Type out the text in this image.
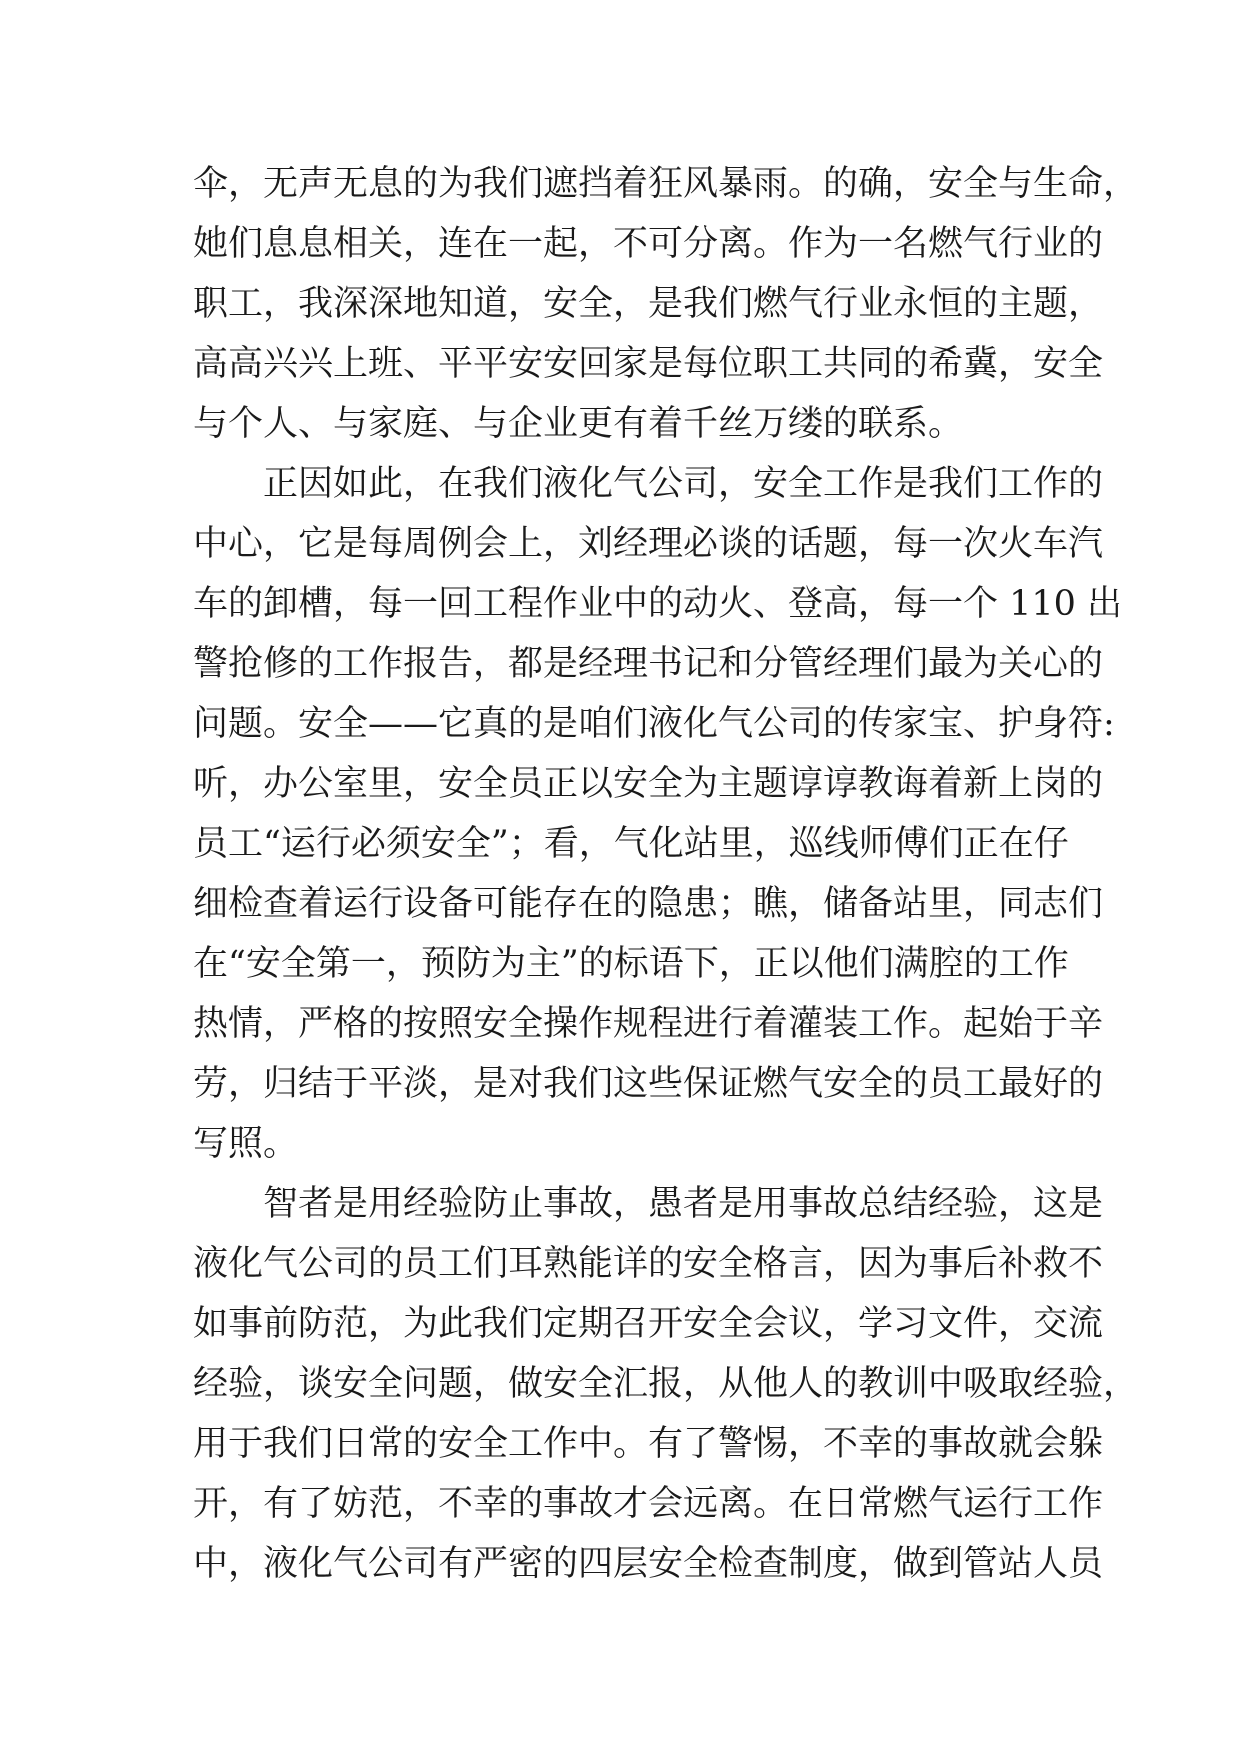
伞，无声无息的为我们遮挡着狂风暴雨。的确，安全与生命，
她们息息相关，连在一起，不可分离。作为一名燃气行业的
职工，我深深地知道，安全，是我们燃气行业永恒的主题，
高高兴兴上班、平平安安回家是每位职工共同的希冀，安全
与个人、与家庭、与企业更有着千丝万缕的联系。
正因如此，在我们液化气公司，安全工作是我们工作的
中心，它是每周例会上，刘经理必谈的话题，每一次火车汽
车的卸槽，每一回工程作业中的动火、登高，每一个 110 出
警抢修的工作报告，都是经理书记和分管经理们最为关心的
问题。安全——它真的是咱们液化气公司的传家宝、护身符:
听，办公室里，安全员正以安全为主题谆谆教诲着新上岗的
员工“运行必须安全”；看，气化站里，巡线师傅们正在仔
细检查着运行设备可能存在的隐患；瞧，储备站里，同志们
在“安全第一，预防为主”的标语下，正以他们满腔的工作
热情，严格的按照安全操作规程进行着灌装工作。起始于辛
劳，归结于平淡，是对我们这些保证燃气安全的员工最好的
写照。
智者是用经验防止事故，愚者是用事故总结经验，这是
液化气公司的员工们耳熟能详的安全格言，因为事后补救不
如事前防范，为此我们定期召开安全会议，学习文件，交流
经验，谈安全问题，做安全汇报，从他人的教训中吸取经验，
用于我们日常的安全工作中。有了警惕，不幸的事故就会躲
开，有了妨范，不幸的事故才会远离。在日常燃气运行工作
中，液化气公司有严密的四层安全检查制度，做到管站人员
